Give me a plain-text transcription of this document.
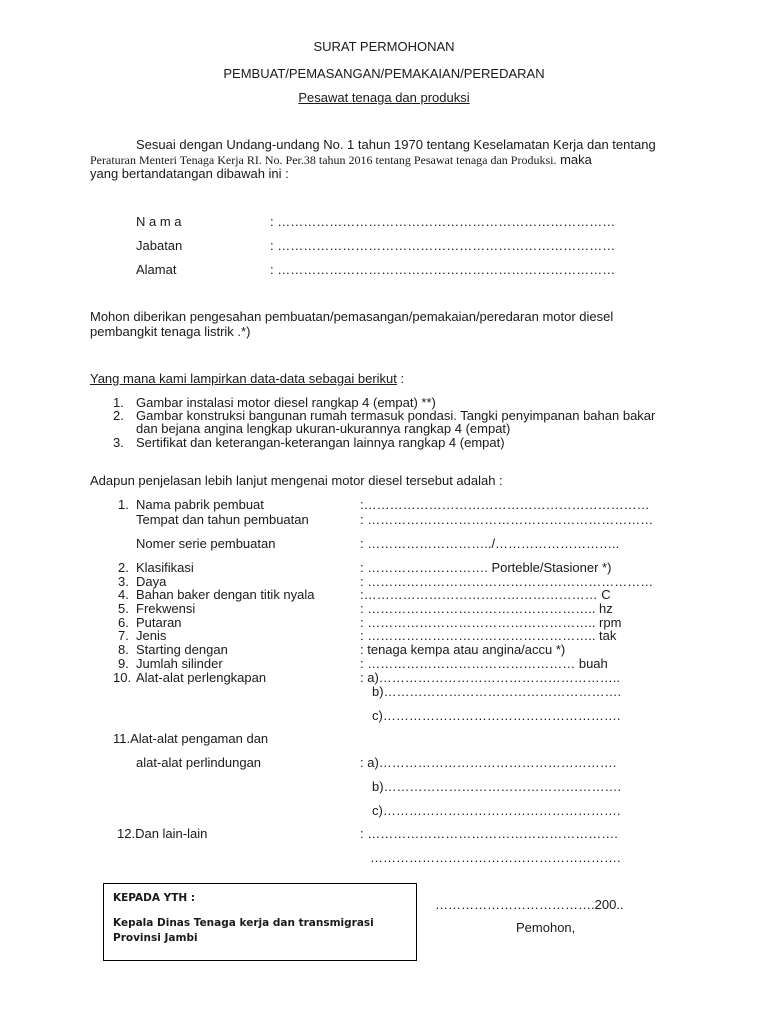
SURAT PERMOHONAN
PEMBUAT/PEMASANGAN/PEMAKAIAN/PEREDARAN
Pesawat tenaga dan produksi
Sesuai dengan Undang-undang No. 1 tahun 1970 tentang Keselamatan Kerja dan tentang
Peraturan Menteri Tenaga Kerja RI. No. Per.38 tahun 2016 tentang Pesawat tenaga dan Produksi. maka
yang bertandatangan dibawah ini :
N a m a	: ……………………………………………………………………
Jabatan	: ……………………………………………………………………
Alamat	: ……………………………………………………………………
Mohon diberikan pengesahan pembuatan/pemasangan/pemakaian/peredaran motor diesel
pembangkit tenaga listrik .*)
Yang mana kami lampirkan data-data sebagai berikut :
1. Gambar instalasi motor diesel rangkap 4 (empat) **)
2. Gambar konstruksi bangunan rumah termasuk pondasi. Tangki penyimpanan bahan bakar
dan bejana angina lengkap ukuran-ukurannya rangkap 4 (empat)
3. Sertifikat dan keterangan-keterangan lainnya rangkap 4 (empat)
Adapun penjelasan lebih lanjut mengenai motor diesel tersebut adalah :
1. Nama pabrik pembuat	:…………………………………………………………
Tempat dan tahun pembuatan	: …………………………………………………………
Nomer serie pembuatan	: ………………………../………………………..
2. Klasifikasi	: ………………………. Porteble/Stasioner *)
3. Daya	: …………………………………………………………
4. Bahan baker dengan titik nyala	:……………………………………………… C
5. Frekwensi	: …………………………………………….. hz
6. Putaran	: …………………………………………….. rpm
7. Jenis	: …………………………………………….. tak
8. Starting dengan	: tenaga kempa atau angina/accu *)
9. Jumlah silinder	: ………………………………………… buah
10. Alat-alat perlengkapan	: a)………………………………………………..
b)……………………………………………….
c)……………………………………………….
11.Alat-alat pengaman dan
alat-alat perlindungan	: a)……………………………………………….
b)……………………………………………….
c)……………………………………………….
12.Dan lain-lain	: ………………………………………………….
………………………………………………….
KEPADA YTH :
Kepala Dinas Tenaga kerja dan transmigrasi Provinsi Jambi
……………………………….200..
Pemohon,
